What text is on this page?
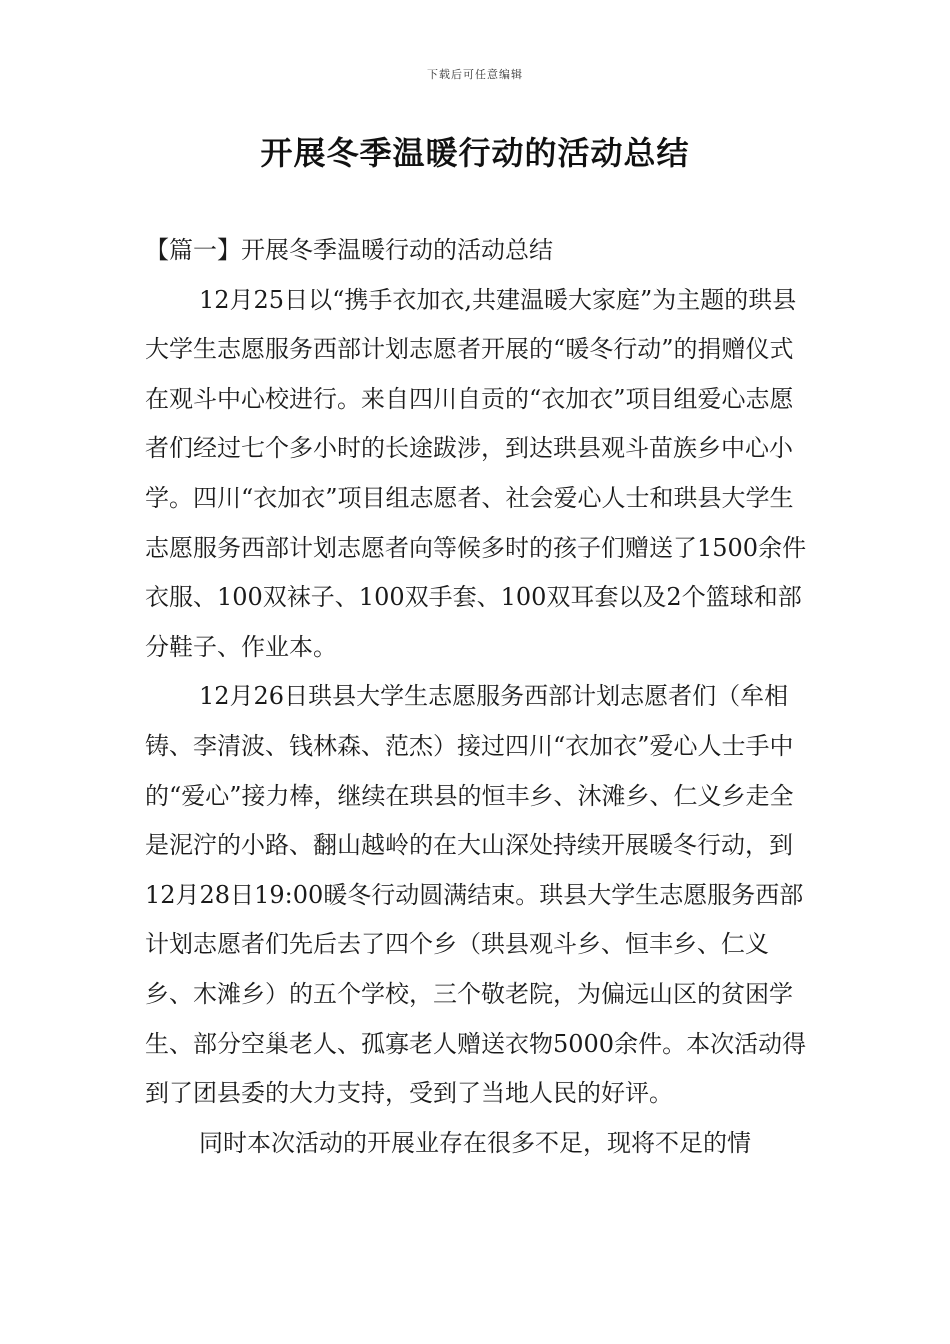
下载后可任意编辑
开展冬季温暖行动的活动总结

【篇一】开展冬季温暖行动的活动总结

12月25日以“携手衣加衣,共建温暖大家庭”为主题的珙县大学生志愿服务西部计划志愿者开展的“暖冬行动”的捐赠仪式在观斗中心校进行。来自四川自贡的“衣加衣”项目组爱心志愿者们经过七个多小时的长途跋涉，到达珙县观斗苗族乡中心小学。四川“衣加衣”项目组志愿者、社会爱心人士和珙县大学生志愿服务西部计划志愿者向等候多时的孩子们赠送了1500余件衣服、100双袜子、100双手套、100双耳套以及2个篮球和部分鞋子、作业本。

12月26日珙县大学生志愿服务西部计划志愿者们（牟相铸、李清波、钱林森、范杰）接过四川“衣加衣”爱心人士手中的“爱心”接力棒，继续在珙县的恒丰乡、沐滩乡、仁义乡走全是泥泞的小路、翻山越岭的在大山深处持续开展暖冬行动，到12月28日19:00暖冬行动圆满结束。珙县大学生志愿服务西部计划志愿者们先后去了四个乡（珙县观斗乡、恒丰乡、仁义乡、木滩乡）的五个学校，三个敬老院，为偏远山区的贫困学生、部分空巢老人、孤寡老人赠送衣物5000余件。本次活动得到了团县委的大力支持，受到了当地人民的好评。

同时本次活动的开展业存在很多不足，现将不足的情
